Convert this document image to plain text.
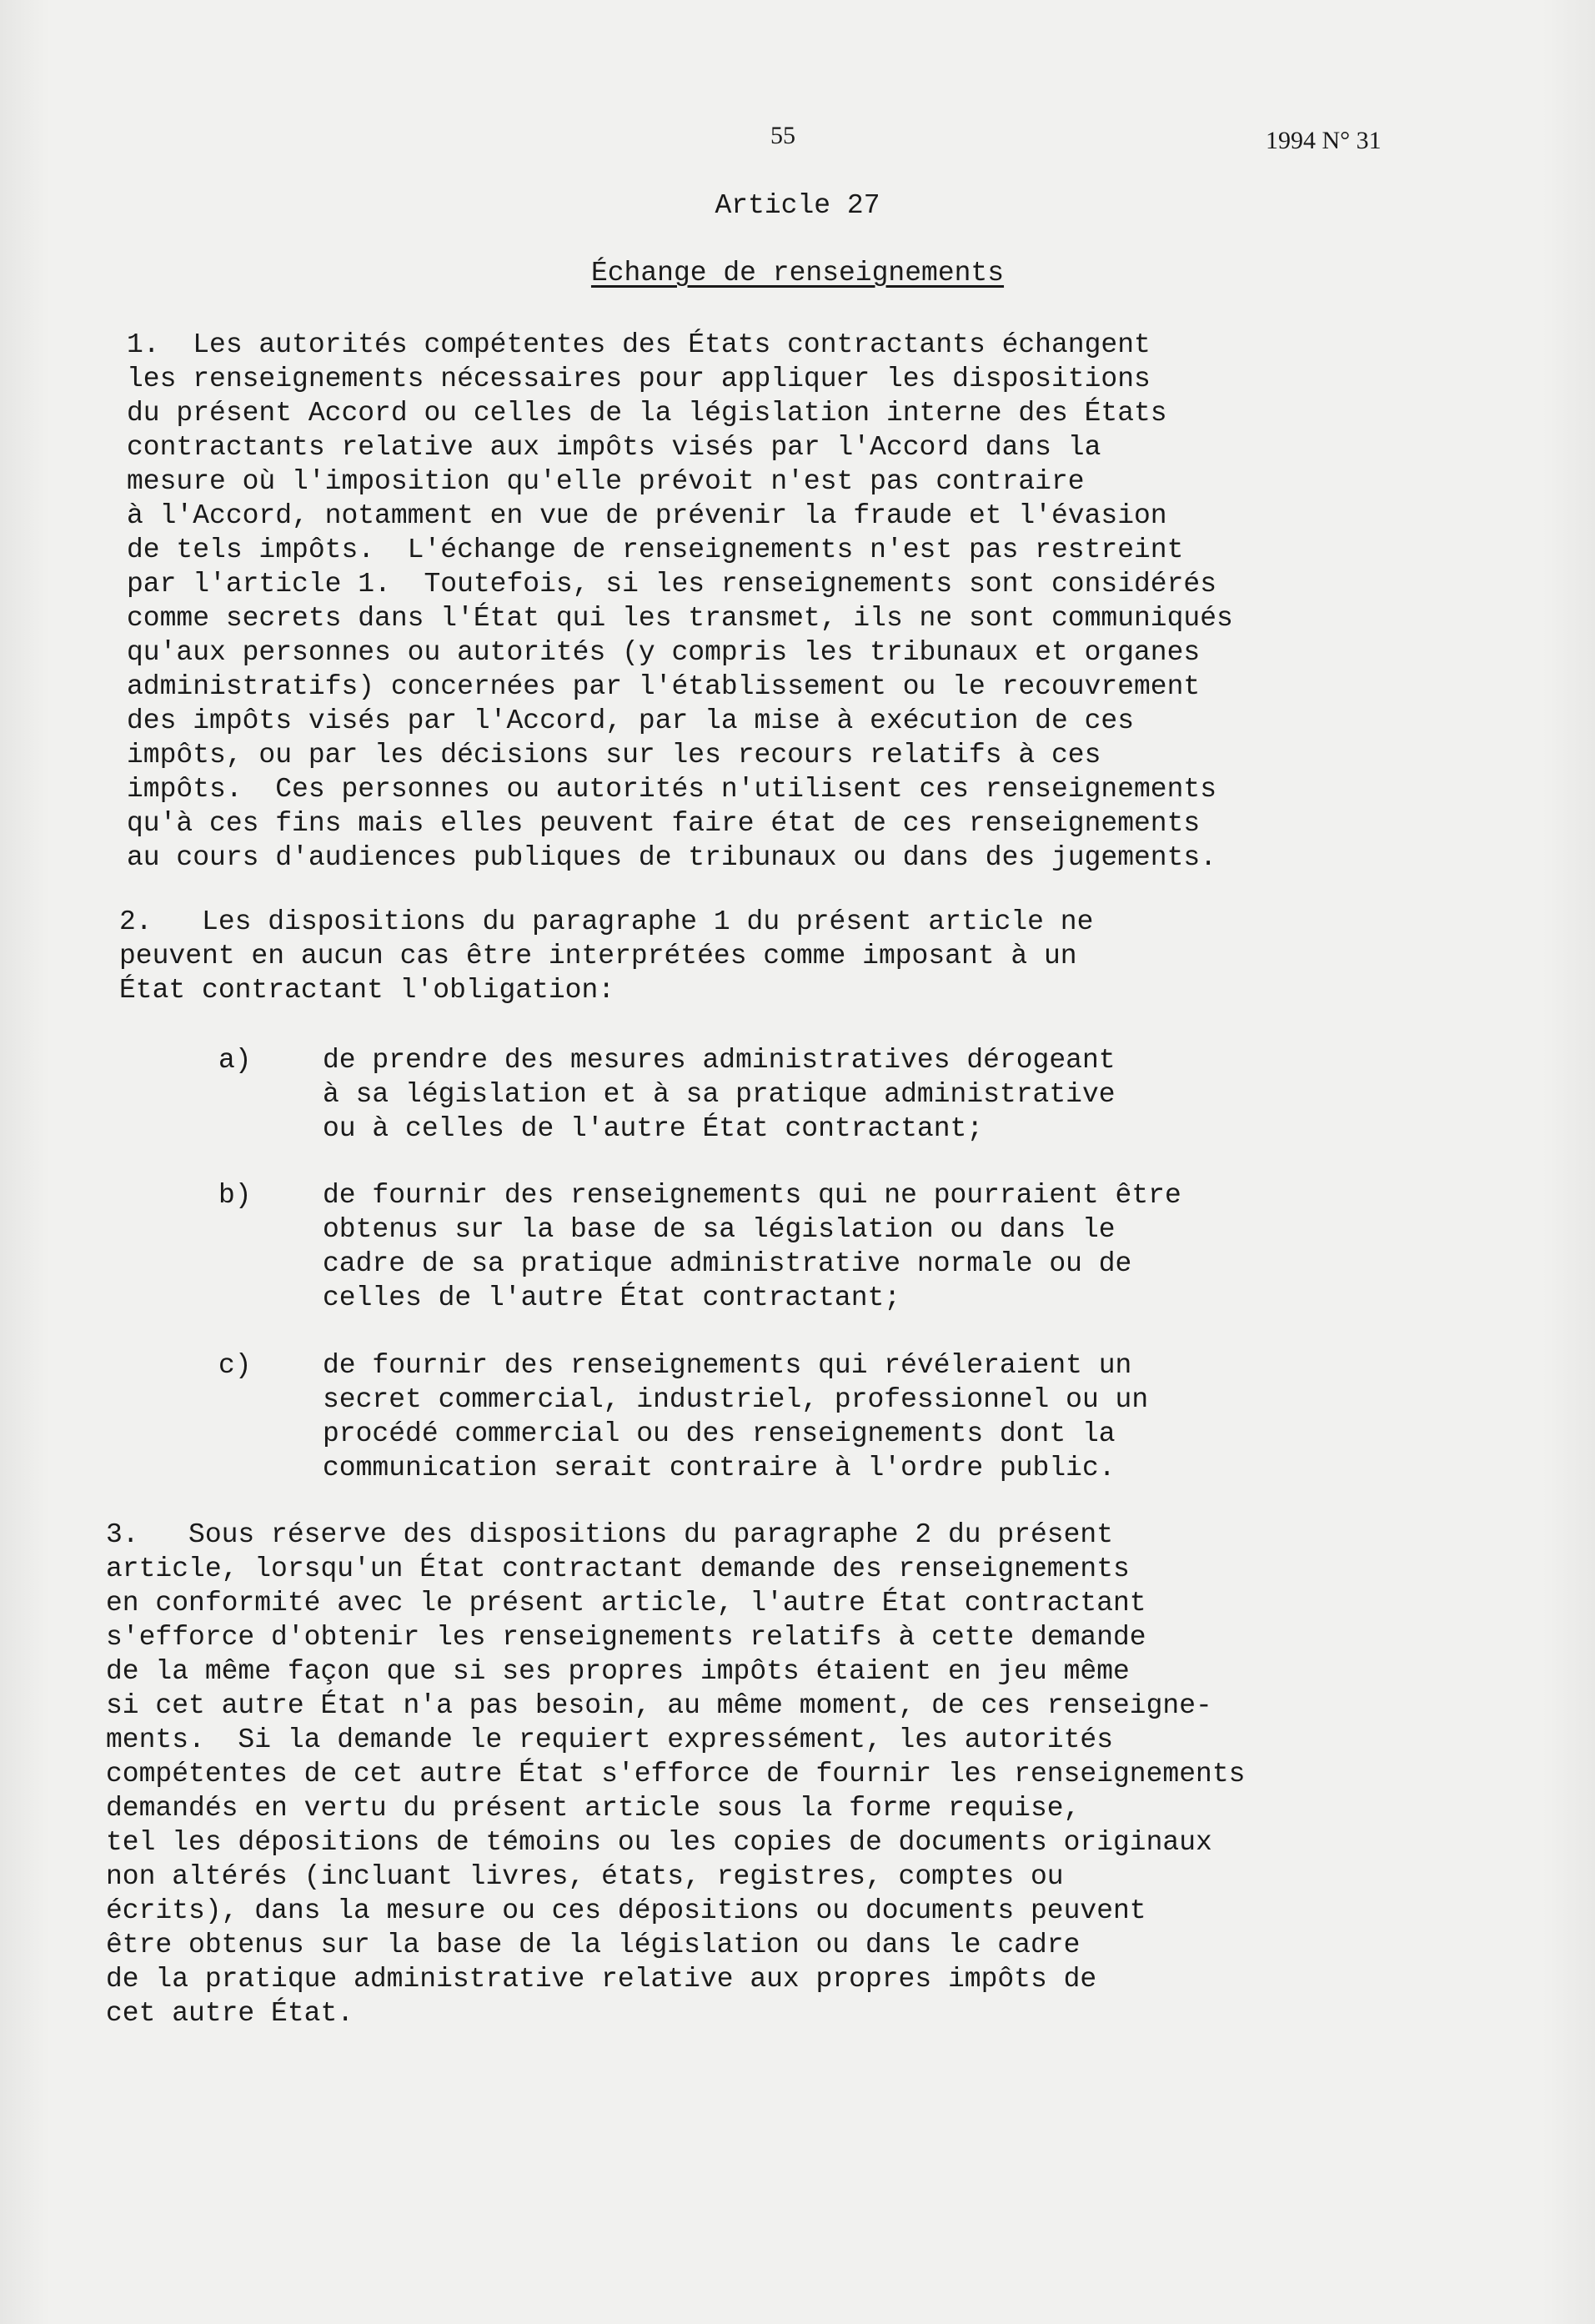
55	1994 N° 31
Article 27
Échange de renseignements
1.  Les autorités compétentes des États contractants échangent
les renseignements nécessaires pour appliquer les dispositions
du présent Accord ou celles de la législation interne des États
contractants relative aux impôts visés par l'Accord dans la
mesure où l'imposition qu'elle prévoit n'est pas contraire
à l'Accord, notamment en vue de prévenir la fraude et l'évasion
de tels impôts.  L'échange de renseignements n'est pas restreint
par l'article 1.  Toutefois, si les renseignements sont considérés
comme secrets dans l'État qui les transmet, ils ne sont communiqués
qu'aux personnes ou autorités (y compris les tribunaux et organes
administratifs) concernées par l'établissement ou le recouvrement
des impôts visés par l'Accord, par la mise à exécution de ces
impôts, ou par les décisions sur les recours relatifs à ces
impôts.  Ces personnes ou autorités n'utilisent ces renseignements
qu'à ces fins mais elles peuvent faire état de ces renseignements
au cours d'audiences publiques de tribunaux ou dans des jugements.
2.   Les dispositions du paragraphe 1 du présent article ne
peuvent en aucun cas être interprétées comme imposant à un
État contractant l'obligation:
a)	de prendre des mesures administratives dérogeant
à sa législation et à sa pratique administrative
ou à celles de l'autre État contractant;
b)	de fournir des renseignements qui ne pourraient être
obtenus sur la base de sa législation ou dans le
cadre de sa pratique administrative normale ou de
celles de l'autre État contractant;
c)	de fournir des renseignements qui révéleraient un
secret commercial, industriel, professionnel ou un
procédé commercial ou des renseignements dont la
communication serait contraire à l'ordre public.
3.   Sous réserve des dispositions du paragraphe 2 du présent
article, lorsqu'un État contractant demande des renseignements
en conformité avec le présent article, l'autre État contractant
s'efforce d'obtenir les renseignements relatifs à cette demande
de la même façon que si ses propres impôts étaient en jeu même
si cet autre État n'a pas besoin, au même moment, de ces renseigne-
ments.  Si la demande le requiert expressément, les autorités
compétentes de cet autre État s'efforce de fournir les renseignements
demandés en vertu du présent article sous la forme requise,
tel les dépositions de témoins ou les copies de documents originaux
non altérés (incluant livres, états, registres, comptes ou
écrits), dans la mesure ou ces dépositions ou documents peuvent
être obtenus sur la base de la législation ou dans le cadre
de la pratique administrative relative aux propres impôts de
cet autre État.
